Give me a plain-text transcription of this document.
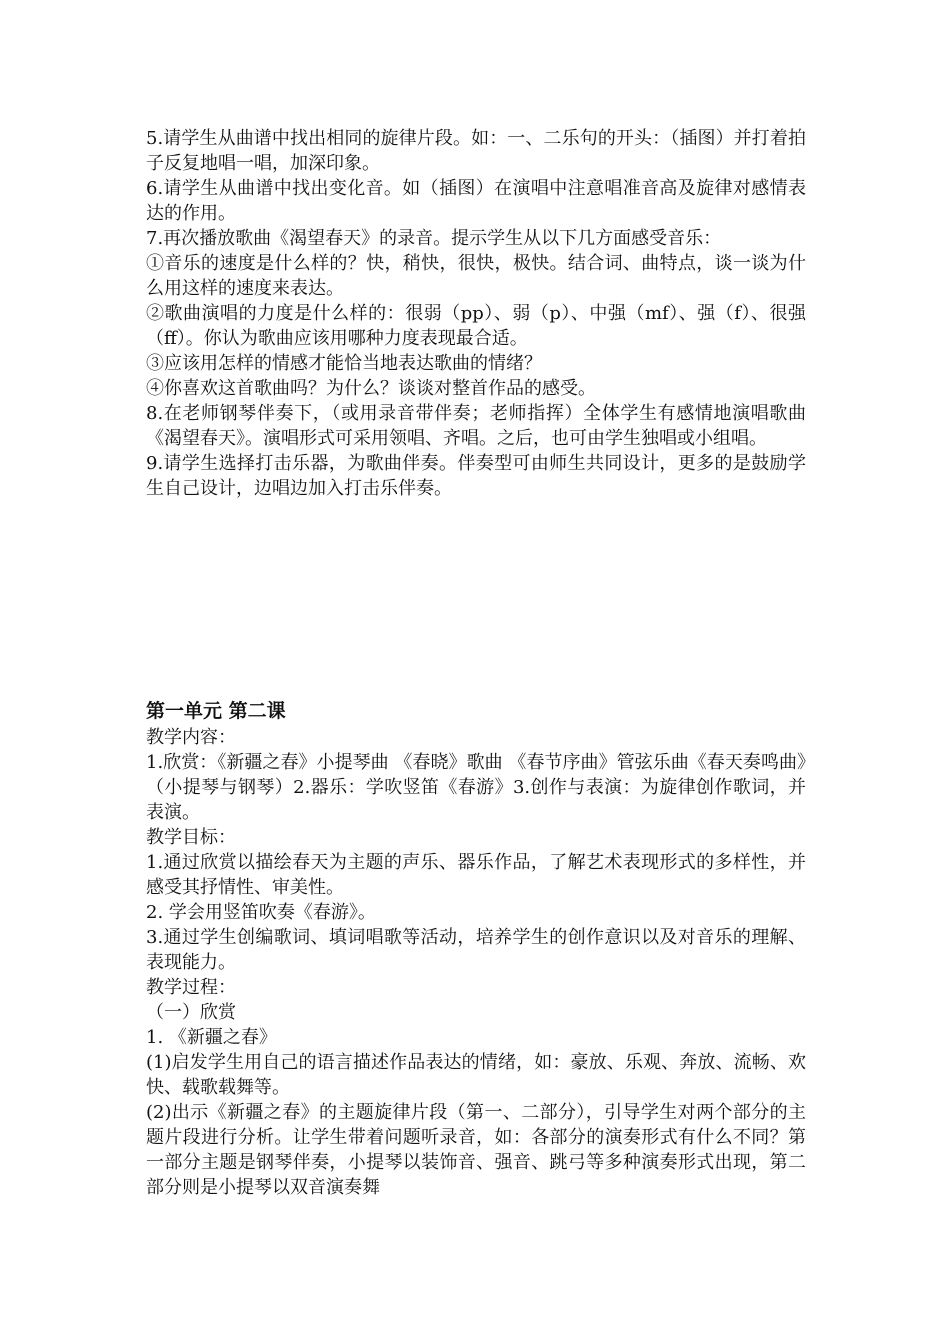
5.请学生从曲谱中找出相同的旋律片段。如：一、二乐句的开头：（插图）并打着拍子反复地唱一唱，加深印象。

6.请学生从曲谱中找出变化音。如（插图）在演唱中注意唱准音高及旋律对感情表达的作用。

7.再次播放歌曲《渴望春天》的录音。提示学生从以下几方面感受音乐：

①音乐的速度是什么样的？快，稍快，很快，极快。结合词、曲特点，谈一谈为什么用这样的速度来表达。

②歌曲演唱的力度是什么样的：很弱（pp）、弱（p）、中强（mf）、强（f）、很强（ff）。你认为歌曲应该用哪种力度表现最合适。

③应该用怎样的情感才能恰当地表达歌曲的情绪？

④你喜欢这首歌曲吗？为什么？谈谈对整首作品的感受。

8.在老师钢琴伴奏下，（或用录音带伴奏；老师指挥）全体学生有感情地演唱歌曲《渴望春天》。演唱形式可采用领唱、齐唱。之后，也可由学生独唱或小组唱。

9.请学生选择打击乐器，为歌曲伴奏。伴奏型可由师生共同设计，更多的是鼓励学生自己设计，边唱边加入打击乐伴奏。

第一单元 第二课

教学内容：

1.欣赏：《新疆之春》小提琴曲 《春晓》歌曲 《春节序曲》管弦乐曲《春天奏鸣曲》（小提琴与钢琴）2.器乐：学吹竖笛《春游》3.创作与表演：为旋律创作歌词，并表演。

教学目标：

1.通过欣赏以描绘春天为主题的声乐、器乐作品，了解艺术表现形式的多样性，并感受其抒情性、审美性。

2. 学会用竖笛吹奏《春游》。

3.通过学生创编歌词、填词唱歌等活动，培养学生的创作意识以及对音乐的理解、表现能力。

教学过程：

（一）欣赏

1. 《新疆之春》

(1)启发学生用自己的语言描述作品表达的情绪，如：豪放、乐观、奔放、流畅、欢快、载歌载舞等。

(2)出示《新疆之春》的主题旋律片段（第一、二部分），引导学生对两个部分的主题片段进行分析。让学生带着问题听录音，如：各部分的演奏形式有什么不同？第一部分主题是钢琴伴奏，小提琴以装饰音、强音、跳弓等多种演奏形式出现，第二部分则是小提琴以双音演奏舞
